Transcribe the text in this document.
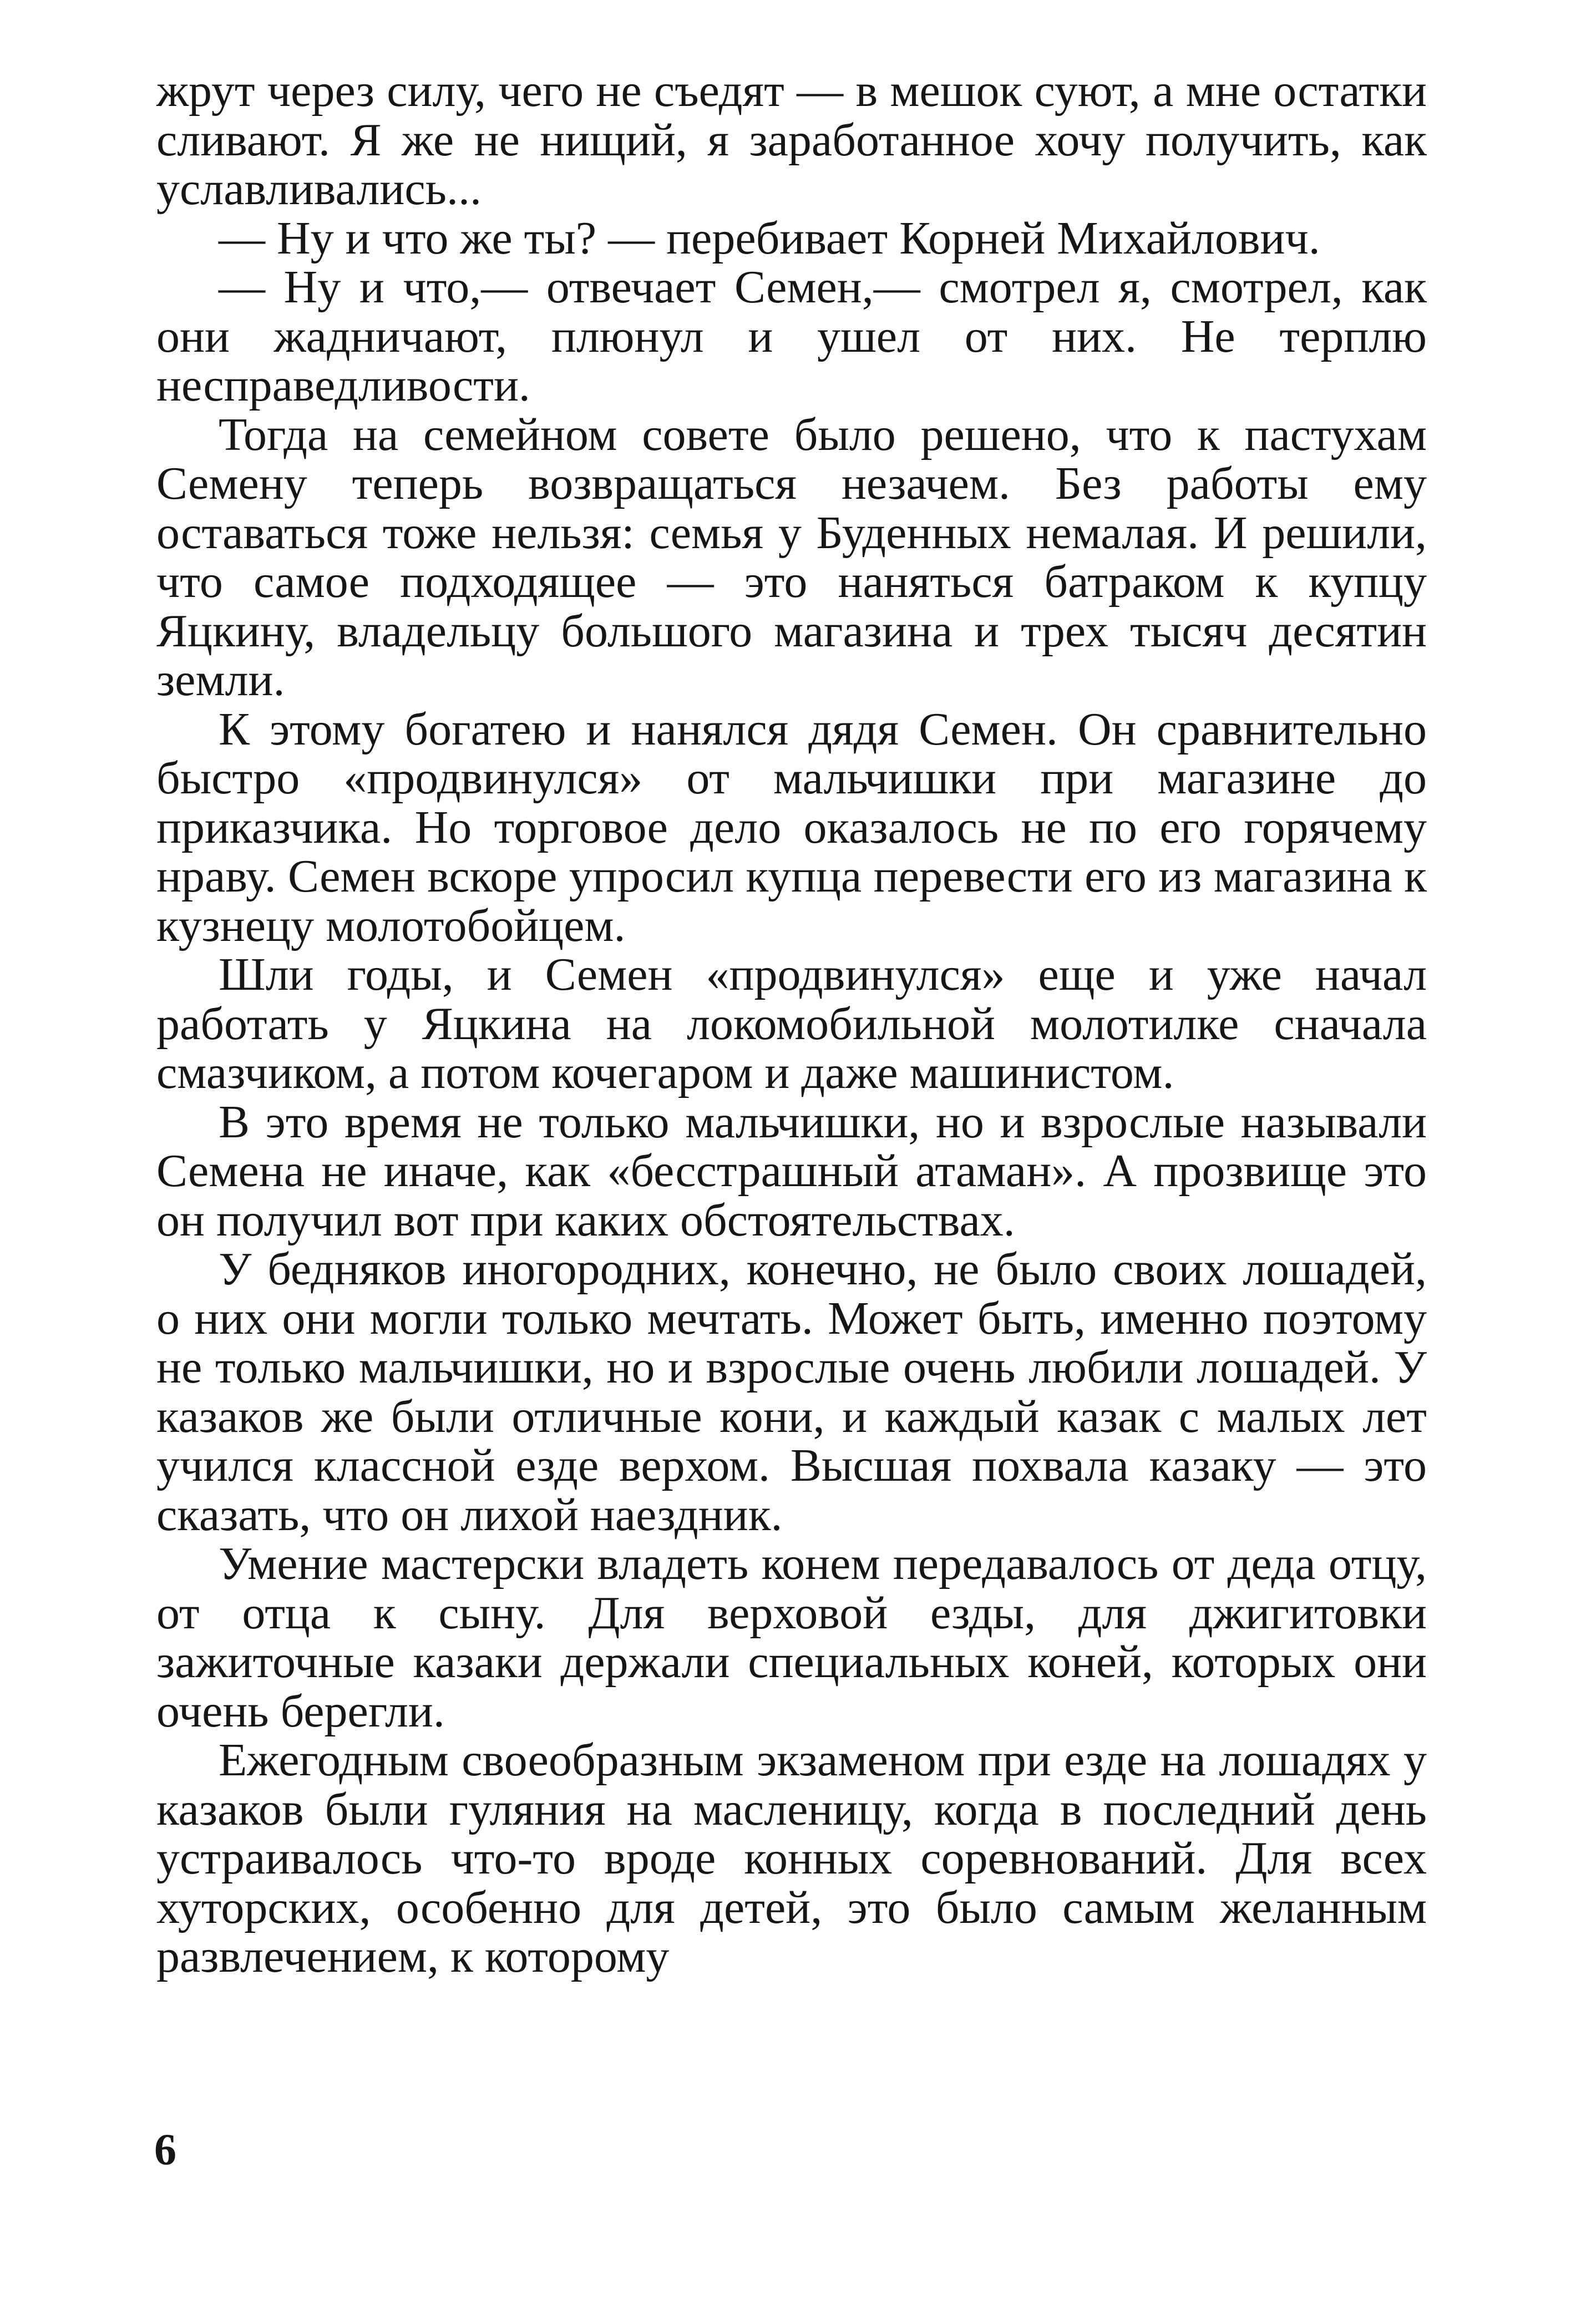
жрут через силу, чего не съедят — в мешок суют, а мне остатки сливают. Я же не нищий, я заработанное хочу получить, как уславливались...

— Ну и что же ты? — перебивает Корней Михайлович.

— Ну и что,— отвечает Семен,— смотрел я, смотрел, как они жадничают, плюнул и ушел от них. Не терплю несправедливости.

Тогда на семейном совете было решено, что к пастухам Семену теперь возвращаться незачем. Без работы ему оставаться тоже нельзя: семья у Буденных немалая. И решили, что самое подходящее — это наняться батраком к купцу Яцкину, владельцу большого магазина и трех тысяч десятин земли.

К этому богатею и нанялся дядя Семен. Он сравнительно быстро «продвинулся» от мальчишки при магазине до приказчика. Но торговое дело оказалось не по его горячему нраву. Семен вскоре упросил купца перевести его из магазина к кузнецу молотобойцем.

Шли годы, и Семен «продвинулся» еще и уже начал работать у Яцкина на локомобильной молотилке сначала смазчиком, а потом кочегаром и даже машинистом.

В это время не только мальчишки, но и взрослые называли Семена не иначе, как «бесстрашный атаман». А прозвище это он получил вот при каких обстоятельствах.

У бедняков иногородних, конечно, не было своих лошадей, о них они могли только мечтать. Может быть, именно поэтому не только мальчишки, но и взрослые очень любили лошадей. У казаков же были отличные кони, и каждый казак с малых лет учился классной езде верхом. Высшая похвала казаку — это сказать, что он лихой наездник.

Умение мастерски владеть конем передавалось от деда отцу, от отца к сыну. Для верховой езды, для джигитовки зажиточные казаки держали специальных коней, которых они очень берегли.

Ежегодным своеобразным экзаменом при езде на лошадях у казаков были гуляния на масленицу, когда в последний день устраивалось что-то вроде конных соревнований. Для всех хуторских, особенно для детей, это было самым желанным развлечением, к которому

6
